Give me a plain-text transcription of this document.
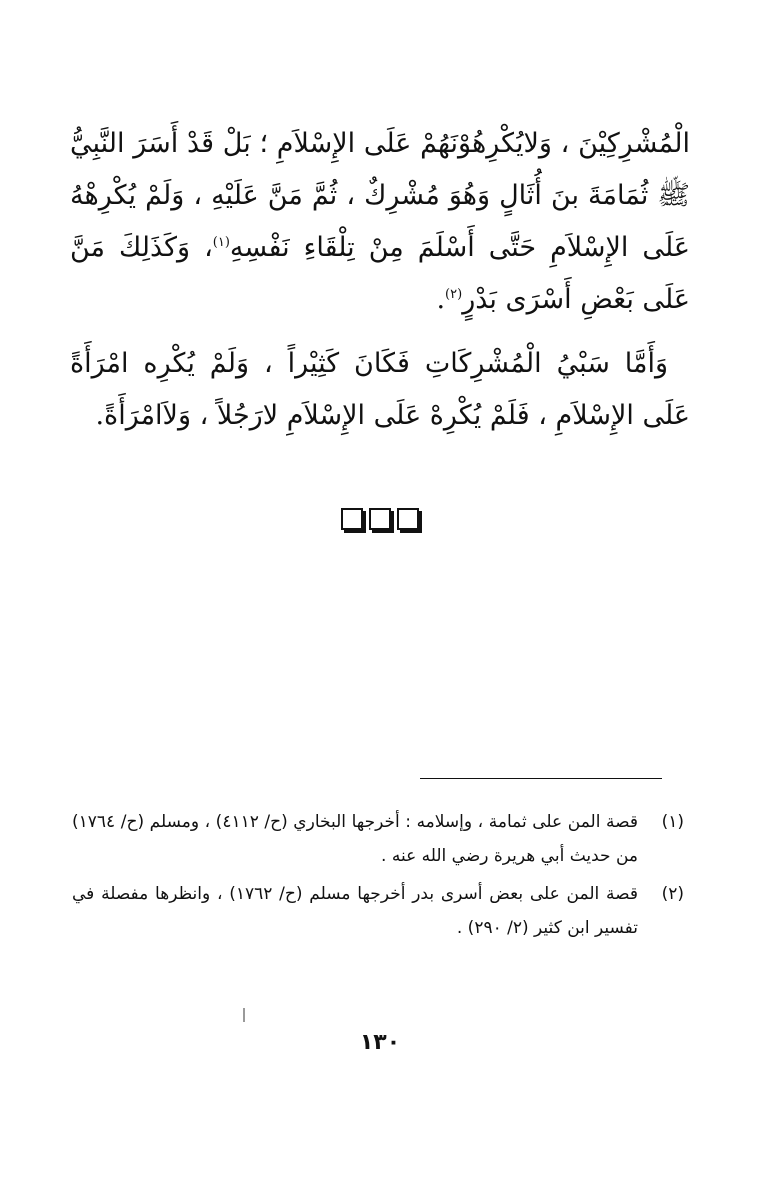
الْمُشْرِكِيْنَ ، وَلايُكْرِهُوْنَهُمْ عَلَى الإِسْلاَمِ ؛ بَلْ قَدْ أَسَرَ النَّبِيُّ ﷺ ثُمَامَةَ بنَ أُثَالٍ وَهُوَ مُشْرِكٌ ، ثُمَّ مَنَّ عَلَيْهِ ، وَلَمْ يُكْرِهْهُ عَلَى الإِسْلاَمِ حَتَّى أَسْلَمَ مِنْ تِلْقَاءِ نَفْسِهِ$^{(١)}$، وَكَذَلِكَ مَنَّ عَلَى بَعْضِ أَسْرَى بَدْرٍ$^{(٢)}$.

وَأَمَّا سَبْيُ الْمُشْرِكَاتِ فَكَانَ كَثِيْراً ، وَلَمْ يُكْرِه امْرَأَةً عَلَى الإِسْلاَمِ ، فَلَمْ يُكْرِهْ عَلَى الإِسْلاَمِ لارَجُلاً ، وَلاَامْرَأَةً.

(١)
قصة المن على ثمامة ، وإسلامه : أخرجها البخاري (ح/ ٤١١٢) ، ومسلم (ح/ ١٧٦٤) من حديث أبي هريرة رضي الله عنه .
(٢)
قصة المن على بعض أسرى بدر أخرجها مسلم (ح/ ١٧٦٢) ، وانظرها مفصلة في تفسير ابن كثير (٢/ ٢٩٠) .
١٣٠
